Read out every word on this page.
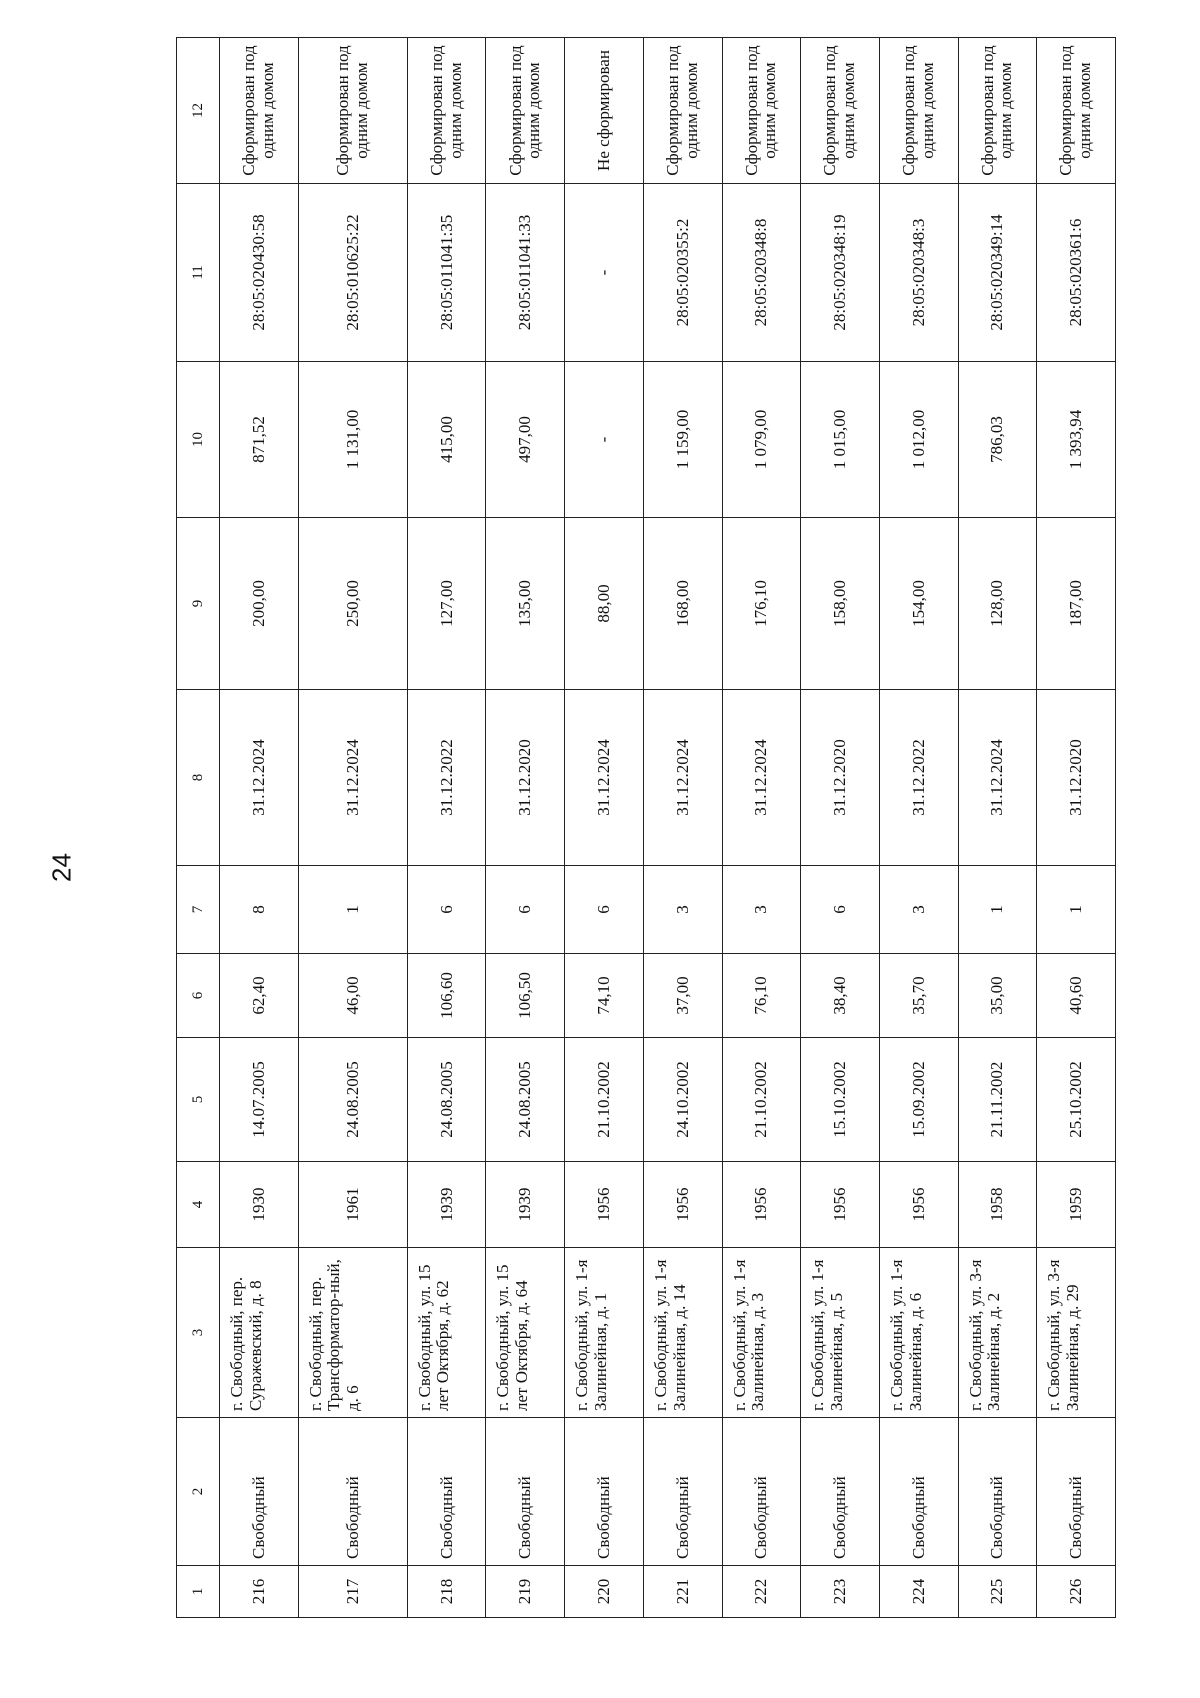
24
1	2	3	4	5	6	7	8	9	10	11	12
216	Свободный	г. Свободный, пер. Суражевский, д. 8	1930	14.07.2005	62,40	8	31.12.2024	200,00	871,52	28:05:020430:58	Сформирован под одним домом
217	Свободный	г. Свободный, пер. Трансформатор-ный, д. 6	1961	24.08.2005	46,00	1	31.12.2024	250,00	1 131,00	28:05:010625:22	Сформирован под одним домом
218	Свободный	г. Свободный, ул. 15 лет Октября, д. 62	1939	24.08.2005	106,60	6	31.12.2022	127,00	415,00	28:05:011041:35	Сформирован под одним домом
219	Свободный	г. Свободный, ул. 15 лет Октября, д. 64	1939	24.08.2005	106,50	6	31.12.2020	135,00	497,00	28:05:011041:33	Сформирован под одним домом
220	Свободный	г. Свободный, ул. 1-я Залинейная, д. 1	1956	21.10.2002	74,10	6	31.12.2024	88,00	-	-	Не сформирован
221	Свободный	г. Свободный, ул. 1-я Залинейная, д. 14	1956	24.10.2002	37,00	3	31.12.2024	168,00	1 159,00	28:05:020355:2	Сформирован под одним домом
222	Свободный	г. Свободный, ул. 1-я Залинейная, д. 3	1956	21.10.2002	76,10	3	31.12.2024	176,10	1 079,00	28:05:020348:8	Сформирован под одним домом
223	Свободный	г. Свободный, ул. 1-я Залинейная, д. 5	1956	15.10.2002	38,40	6	31.12.2020	158,00	1 015,00	28:05:020348:19	Сформирован под одним домом
224	Свободный	г. Свободный, ул. 1-я Залинейная, д. 6	1956	15.09.2002	35,70	3	31.12.2022	154,00	1 012,00	28:05:020348:3	Сформирован под одним домом
225	Свободный	г. Свободный, ул. 3-я Залинейная, д. 2	1958	21.11.2002	35,00	1	31.12.2024	128,00	786,03	28:05:020349:14	Сформирован под одним домом
226	Свободный	г. Свободный, ул. 3-я Залинейная, д. 29	1959	25.10.2002	40,60	1	31.12.2020	187,00	1 393,94	28:05:020361:6	Сформирован под одним домом
